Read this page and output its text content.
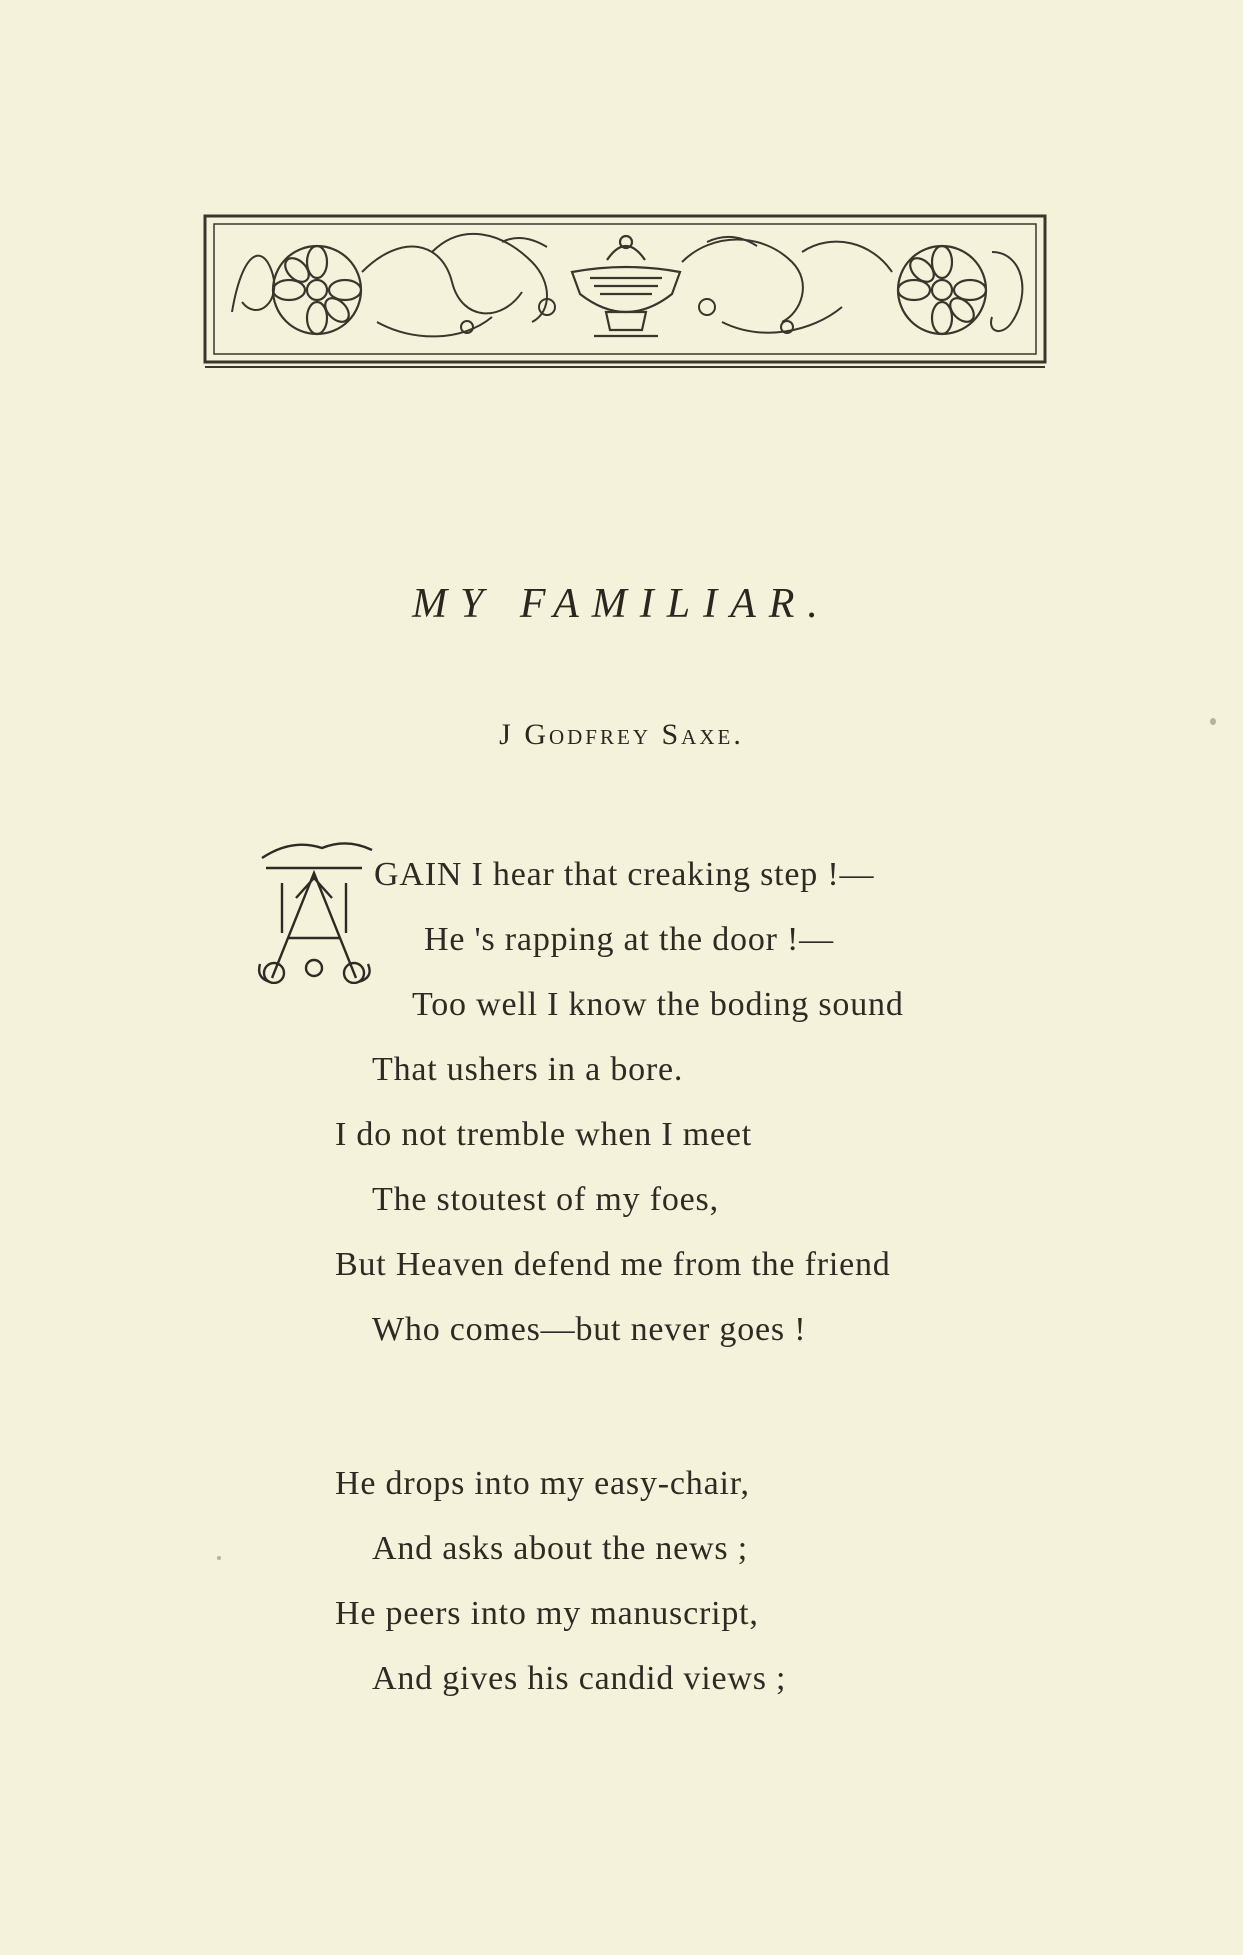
MY FAMILIAR.
J Godfrey Saxe.
GAIN I hear that creaking step !—
He 's rapping at the door !—
Too well I know the boding sound
That ushers in a bore.
I do not tremble when I meet
The stoutest of my foes,
But Heaven defend me from the friend
Who comes—but never goes !
He drops into my easy-chair,
And asks about the news ;
He peers into my manuscript,
And gives his candid views ;
